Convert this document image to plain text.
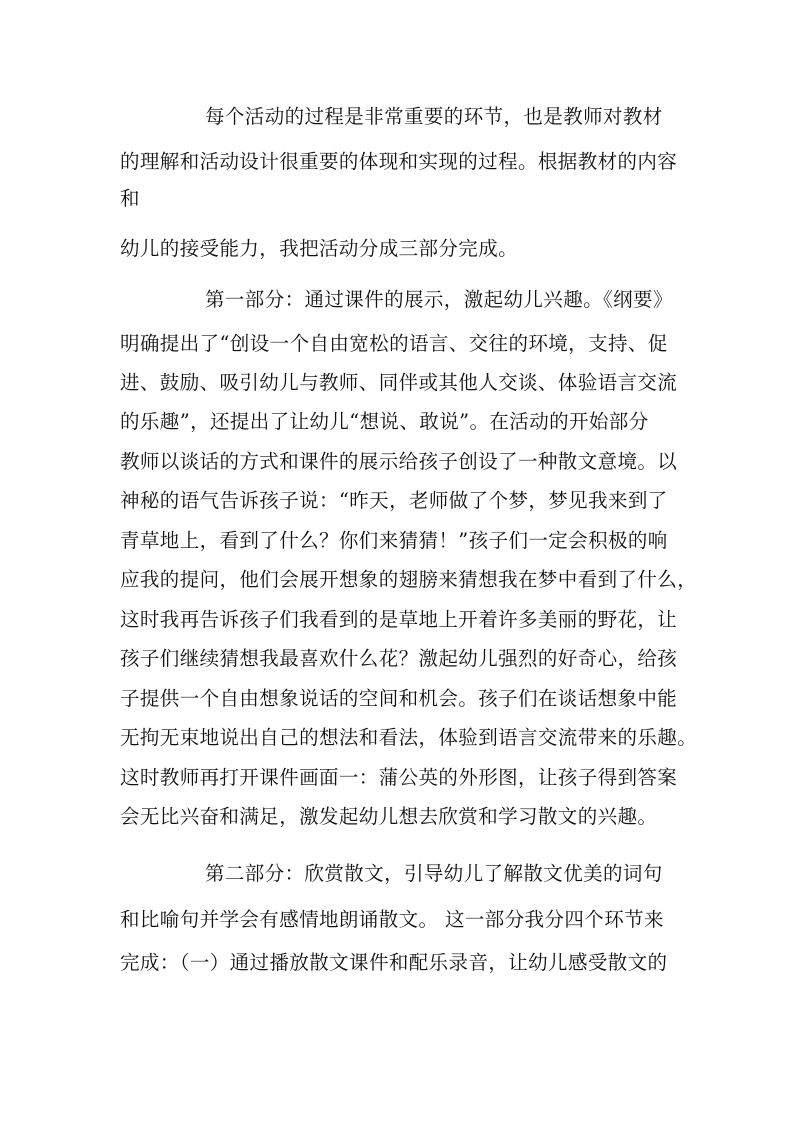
每个活动的过程是非常重要的环节，也是教师对教材
的理解和活动设计很重要的体现和实现的过程。根据教材的内容
和
幼儿的接受能力，我把活动分成三部分完成。
第一部分：通过课件的展示，激起幼儿兴趣。《纲要》
明确提出了“创设一个自由宽松的语言、交往的环境，支持、促
进、鼓励、吸引幼儿与教师、同伴或其他人交谈、体验语言交流
的乐趣”，还提出了让幼儿“想说、敢说”。在活动的开始部分
教师以谈话的方式和课件的展示给孩子创设了一种散文意境。以
神秘的语气告诉孩子说：“昨天，老师做了个梦，梦见我来到了
青草地上，看到了什么？你们来猜猜！”孩子们一定会积极的响
应我的提问，他们会展开想象的翅膀来猜想我在梦中看到了什么，
这时我再告诉孩子们我看到的是草地上开着许多美丽的野花，让
孩子们继续猜想我最喜欢什么花？激起幼儿强烈的好奇心，给孩
子提供一个自由想象说话的空间和机会。孩子们在谈话想象中能
无拘无束地说出自己的想法和看法，体验到语言交流带来的乐趣。
这时教师再打开课件画面一：蒲公英的外形图，让孩子得到答案
会无比兴奋和满足，激发起幼儿想去欣赏和学习散文的兴趣。
第二部分：欣赏散文，引导幼儿了解散文优美的词句
和比喻句并学会有感情地朗诵散文。 这一部分我分四个环节来
完成：（一）通过播放散文课件和配乐录音，让幼儿感受散文的
